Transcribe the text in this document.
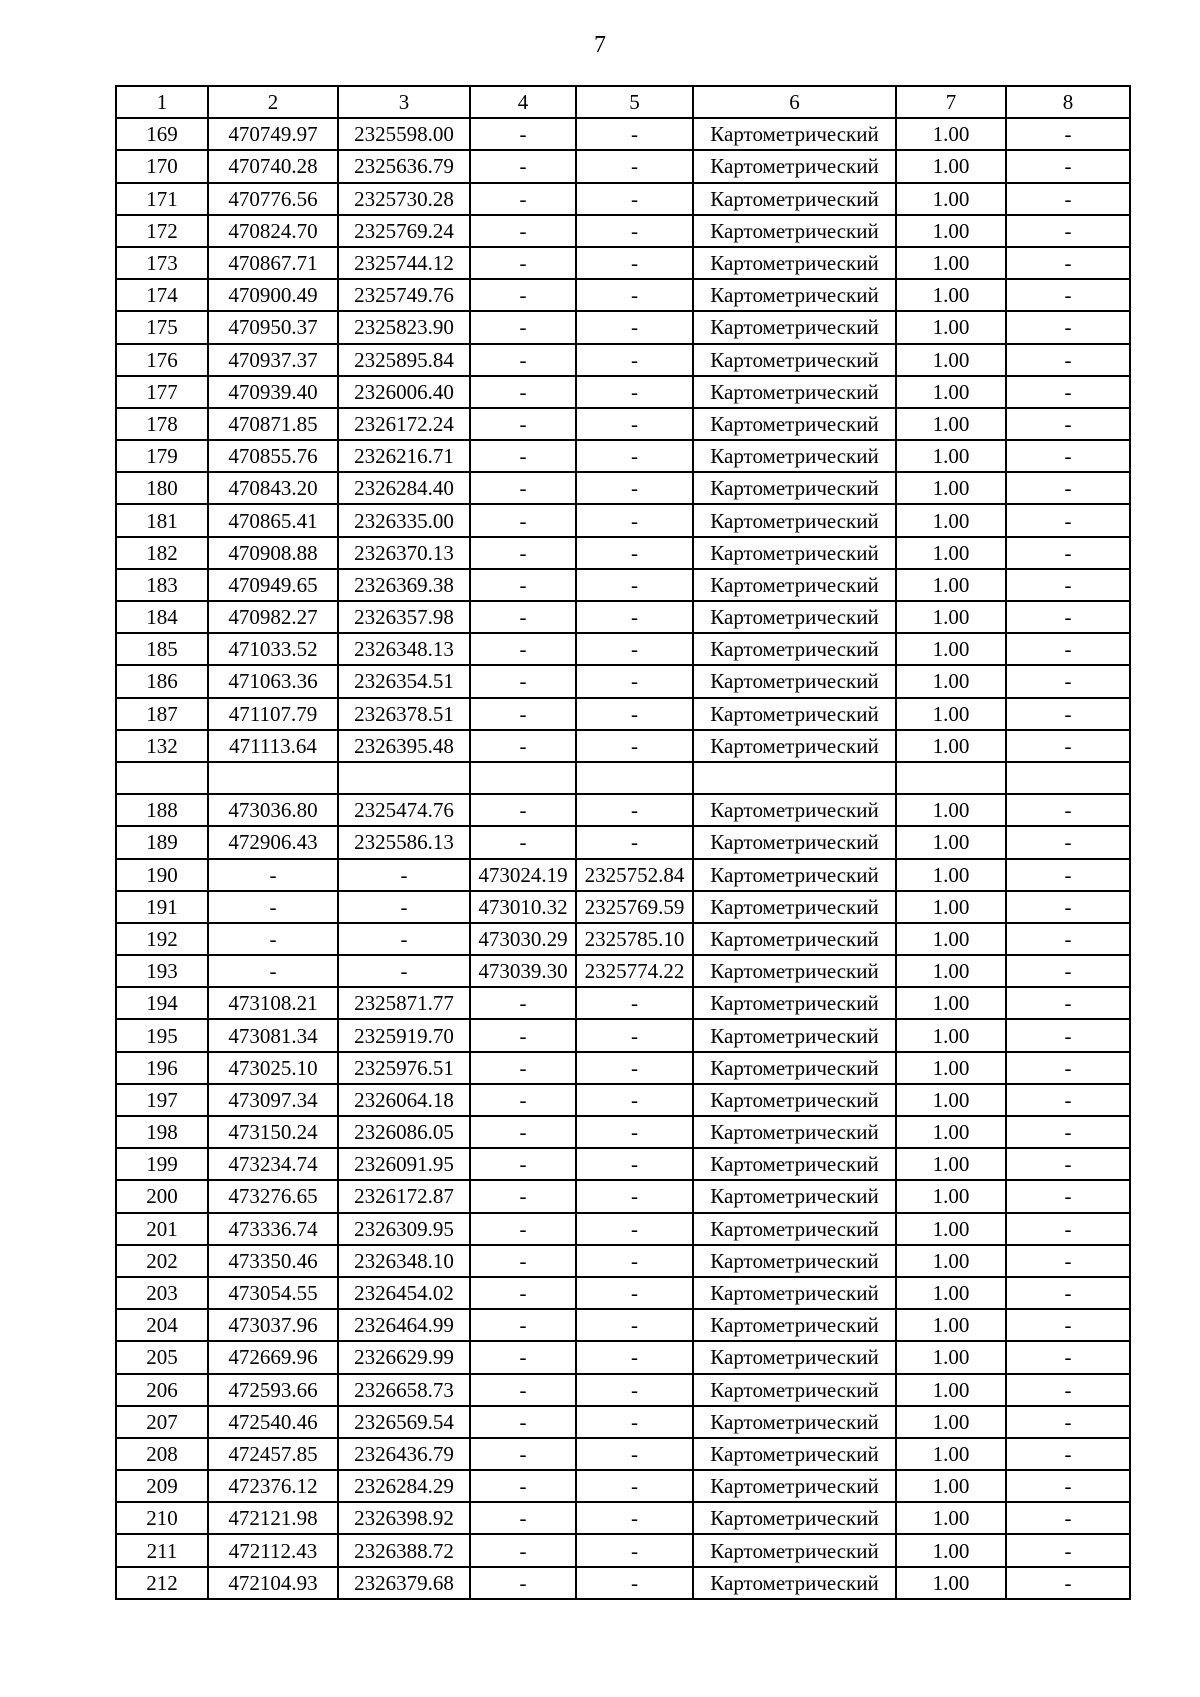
7
1	2	3	4	5	6	7	8
169	470749.97	2325598.00	-	-	Картометрический	1.00	-
170	470740.28	2325636.79	-	-	Картометрический	1.00	-
171	470776.56	2325730.28	-	-	Картометрический	1.00	-
172	470824.70	2325769.24	-	-	Картометрический	1.00	-
173	470867.71	2325744.12	-	-	Картометрический	1.00	-
174	470900.49	2325749.76	-	-	Картометрический	1.00	-
175	470950.37	2325823.90	-	-	Картометрический	1.00	-
176	470937.37	2325895.84	-	-	Картометрический	1.00	-
177	470939.40	2326006.40	-	-	Картометрический	1.00	-
178	470871.85	2326172.24	-	-	Картометрический	1.00	-
179	470855.76	2326216.71	-	-	Картометрический	1.00	-
180	470843.20	2326284.40	-	-	Картометрический	1.00	-
181	470865.41	2326335.00	-	-	Картометрический	1.00	-
182	470908.88	2326370.13	-	-	Картометрический	1.00	-
183	470949.65	2326369.38	-	-	Картометрический	1.00	-
184	470982.27	2326357.98	-	-	Картометрический	1.00	-
185	471033.52	2326348.13	-	-	Картометрический	1.00	-
186	471063.36	2326354.51	-	-	Картометрический	1.00	-
187	471107.79	2326378.51	-	-	Картометрический	1.00	-
132	471113.64	2326395.48	-	-	Картометрический	1.00	-

188	473036.80	2325474.76	-	-	Картометрический	1.00	-
189	472906.43	2325586.13	-	-	Картометрический	1.00	-
190	-	-	473024.19	2325752.84	Картометрический	1.00	-
191	-	-	473010.32	2325769.59	Картометрический	1.00	-
192	-	-	473030.29	2325785.10	Картометрический	1.00	-
193	-	-	473039.30	2325774.22	Картометрический	1.00	-
194	473108.21	2325871.77	-	-	Картометрический	1.00	-
195	473081.34	2325919.70	-	-	Картометрический	1.00	-
196	473025.10	2325976.51	-	-	Картометрический	1.00	-
197	473097.34	2326064.18	-	-	Картометрический	1.00	-
198	473150.24	2326086.05	-	-	Картометрический	1.00	-
199	473234.74	2326091.95	-	-	Картометрический	1.00	-
200	473276.65	2326172.87	-	-	Картометрический	1.00	-
201	473336.74	2326309.95	-	-	Картометрический	1.00	-
202	473350.46	2326348.10	-	-	Картометрический	1.00	-
203	473054.55	2326454.02	-	-	Картометрический	1.00	-
204	473037.96	2326464.99	-	-	Картометрический	1.00	-
205	472669.96	2326629.99	-	-	Картометрический	1.00	-
206	472593.66	2326658.73	-	-	Картометрический	1.00	-
207	472540.46	2326569.54	-	-	Картометрический	1.00	-
208	472457.85	2326436.79	-	-	Картометрический	1.00	-
209	472376.12	2326284.29	-	-	Картометрический	1.00	-
210	472121.98	2326398.92	-	-	Картометрический	1.00	-
211	472112.43	2326388.72	-	-	Картометрический	1.00	-
212	472104.93	2326379.68	-	-	Картометрический	1.00	-
